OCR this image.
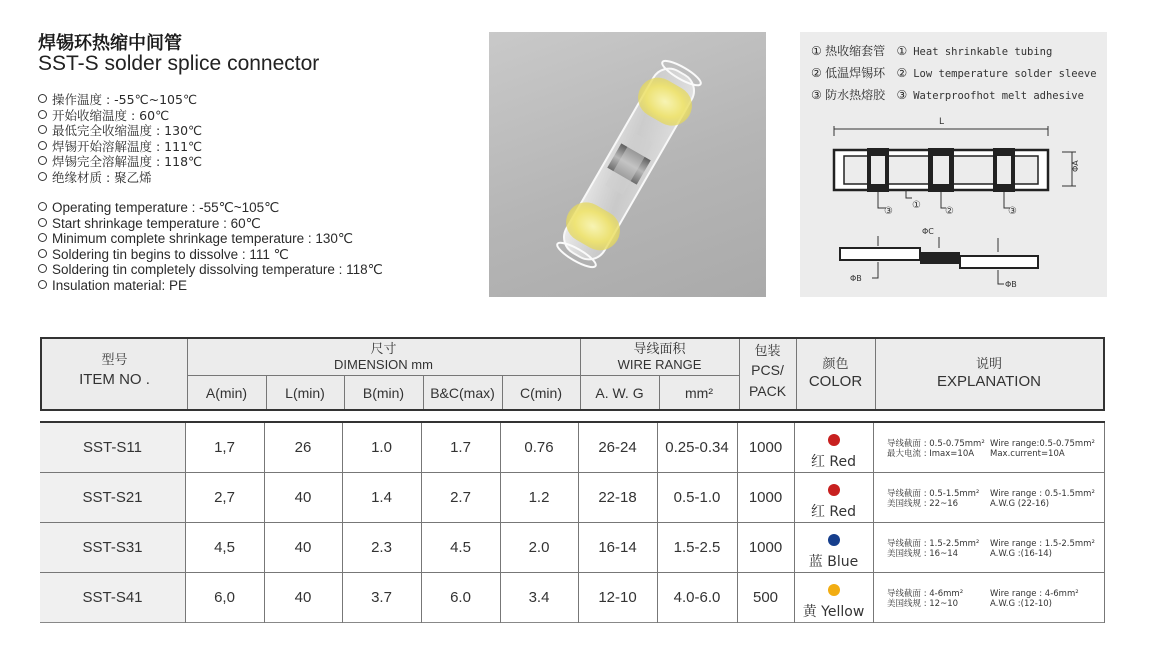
焊锡环热缩中间管
SST-S solder splice connector
操作温度 : -55℃~105℃
开始收缩温度 : 60℃
最低完全收缩温度 : 130℃
焊锡开始溶解温度 : 111℃
焊锡完全溶解温度 : 118℃
绝缘材质 : 聚乙烯
Operating temperature : -55℃~105℃
Start shrinkage temperature : 60℃
Minimum complete shrinkage temperature : 130℃
Soldering tin begins to dissolve : 111 ℃
Soldering tin completely dissolving temperature : 118℃
Insulation material: PE
L
ΦA
③
①
②	③
ΦC
ΦB
ΦB
① 热收缩套管 ① Heat shrinkable tubing
② 低温焊锡环 ② Low temperature solder sleeve
③ 防水热熔胶 ③ Waterproofhot melt adhesive
型号
ITEM NO .
尺寸
DIMENSION mm
导线面积
WIRE RANGE
包装
PCS/
PACK
颜色
COLOR
说明
EXPLANATION
A(min)	L(min)	B(min)	B&C(max)	C(min)	A. W. G	mm²
SST-S11	1,7	26	1.0	1.7	0.76	26-24	0.25-0.34	1000
红 Red
导线截面 : 0.5-0.75mm²
最大电流 : Imax=10A
Wire range:0.5-0.75mm²
Max.current=10A
SST-S21	2,7	40	1.4	2.7	1.2	22-18	0.5-1.0	1000
红 Red
导线截面 : 0.5-1.5mm²
美国线规 : 22~16
Wire range : 0.5-1.5mm²
A.W.G (22-16)
SST-S31	4,5	40	2.3	4.5	2.0	16-14	1.5-2.5	1000
蓝 Blue
导线截面 : 1.5-2.5mm²
美国线规 : 16~14
Wire range : 1.5-2.5mm²
A.W.G :(16-14)
SST-S41	6,0	40	3.7	6.0	3.4	12-10	4.0-6.0	500
黄 Yellow
导线截面 : 4-6mm²
美国线规 : 12~10
Wire range : 4-6mm²
A.W.G :(12-10)
